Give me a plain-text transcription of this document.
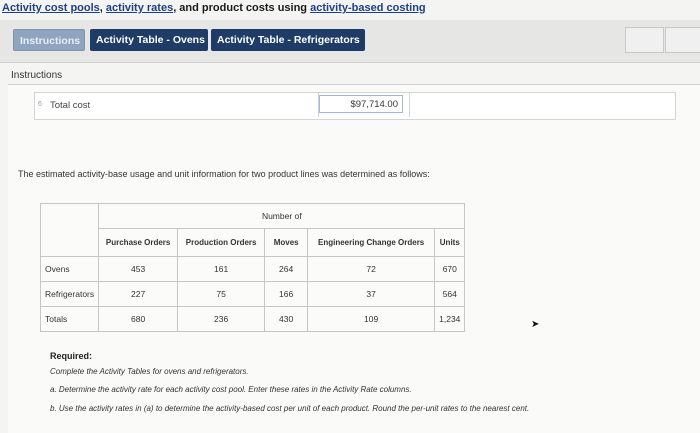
Activity cost pools, activity rates, and product costs using activity-based costing
Instructions	Activity Table - Ovens	Activity Table - Refrigerators
Instructions
6 Total cost	$97,714.00
The estimated activity-base usage and unit information for two product lines was determined as follows:
	Number of				
	Purchase Orders	Production Orders	Moves	Engineering Change Orders	Units
Ovens	453	161	264	72	670
Refrigerators	227	75	166	37	564
Totals	680	236	430	109	1,234	➤
Required:
Complete the Activity Tables for ovens and refrigerators.
a. Determine the activity rate for each activity cost pool. Enter these rates in the Activity Rate columns.
b. Use the activity rates in (a) to determine the activity-based cost per unit of each product. Round the per-unit rates to the nearest cent.
